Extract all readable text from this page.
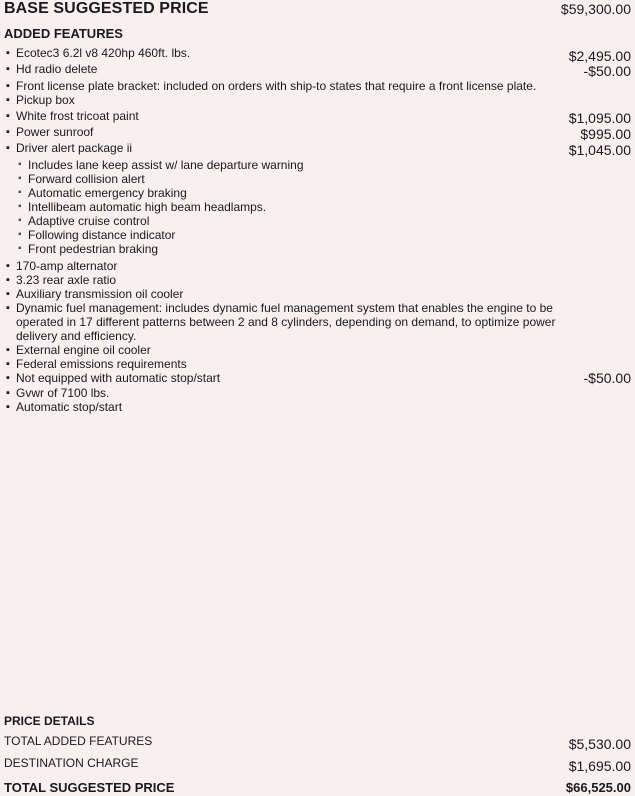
BASE SUGGESTED PRICE	$59,300.00
ADDED FEATURES
▪ Ecotec3 6.2l v8 420hp 460ft. lbs.	$2,495.00
▪ Hd radio delete	-$50.00
▪ Front license plate bracket: included on orders with ship-to states that require a front license plate.
▪ Pickup box
▪ White frost tricoat paint	$1,095.00
▪ Power sunroof	$995.00
▪ Driver alert package ii	$1,045.00
▪ Includes lane keep assist w/ lane departure warning
▪ Forward collision alert
▪ Automatic emergency braking
▪ Intellibeam automatic high beam headlamps.
▪ Adaptive cruise control
▪ Following distance indicator
▪ Front pedestrian braking
▪ 170-amp alternator
▪ 3.23 rear axle ratio
▪ Auxiliary transmission oil cooler
▪ Dynamic fuel management: includes dynamic fuel management system that enables the engine to be operated in 17 different patterns between 2 and 8 cylinders, depending on demand, to optimize power delivery and efficiency.
▪ External engine oil cooler
▪ Federal emissions requirements
▪ Not equipped with automatic stop/start	-$50.00
▪ Gvwr of 7100 lbs.
▪ Automatic stop/start
PRICE DETAILS
TOTAL ADDED FEATURES	$5,530.00
DESTINATION CHARGE	$1,695.00
TOTAL SUGGESTED PRICE	$66,525.00
